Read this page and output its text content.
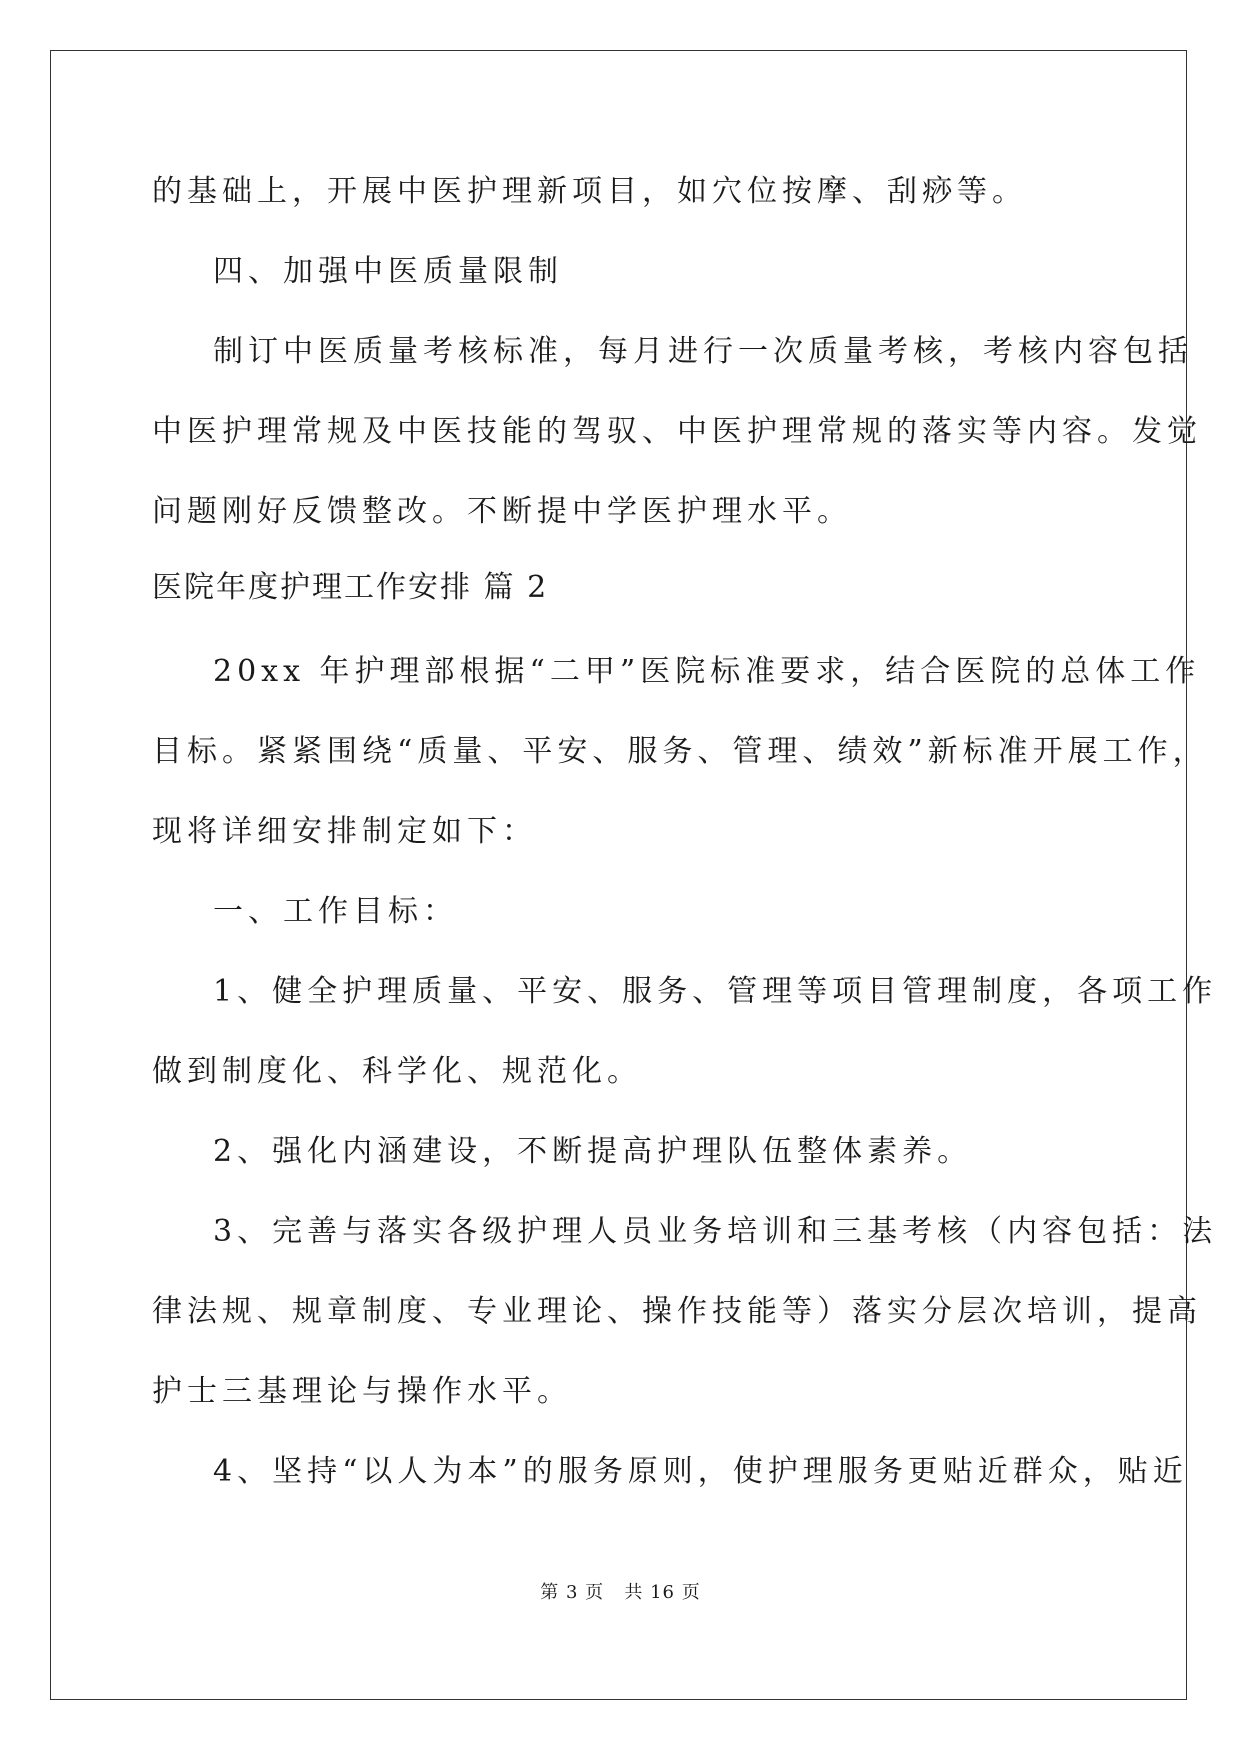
的基础上，开展中医护理新项目，如穴位按摩、刮痧等。
四、加强中医质量限制
制订中医质量考核标准，每月进行一次质量考核，考核内容包括
中医护理常规及中医技能的驾驭、中医护理常规的落实等内容。发觉
问题刚好反馈整改。不断提中学医护理水平。
医院年度护理工作安排 篇 2
20xx 年护理部根据“二甲”医院标准要求，结合医院的总体工作
目标。紧紧围绕“质量、平安、服务、管理、绩效”新标准开展工作，
现将详细安排制定如下：
一、工作目标：
1、健全护理质量、平安、服务、管理等项目管理制度，各项工作
做到制度化、科学化、规范化。
2、强化内涵建设，不断提高护理队伍整体素养。
3、完善与落实各级护理人员业务培训和三基考核（内容包括：法
律法规、规章制度、专业理论、操作技能等）落实分层次培训，提高
护士三基理论与操作水平。
4、坚持“以人为本”的服务原则，使护理服务更贴近群众，贴近
第 3 页   共 16 页
